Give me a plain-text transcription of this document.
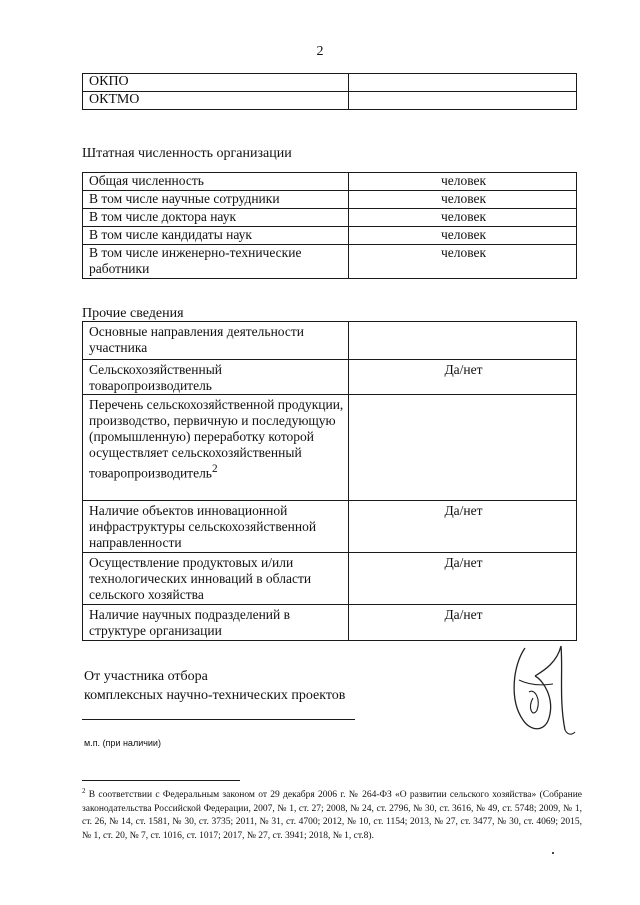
2
ОКПО	
ОКТМО	
Штатная численность организации
Общая численность	человек
В том числе научные сотрудники	человек
В том числе доктора наук	человек
В том числе кандидаты наук	человек
В том числе инженерно-технические работники	человек
Прочие сведения
Основные направления деятельности участника	
Сельскохозяйственный товаропроизводитель	Да/нет
Перечень сельскохозяйственной продукции, производство, первичную и последующую (промышленную) переработку которой осуществляет сельскохозяйственный товаропроизводитель$^2$	
Наличие объектов инновационной инфраструктуры сельскохозяйственной направленности	Да/нет
Осуществление продуктовых и/или технологических инноваций в области сельского хозяйства	Да/нет
Наличие научных подразделений в структуре организации	Да/нет
От участника отбора
комплексных научно-технических проектов
м.п. (при наличии)
$^2$ В соответствии с Федеральным законом от 29 декабря 2006 г. № 264-ФЗ «О развитии сельского хозяйства» (Собрание законодательства Российской Федерации, 2007, № 1, ст. 27; 2008, № 24, ст. 2796, № 30, ст. 3616, № 49, ст. 5748; 2009, № 1, ст. 26, № 14, ст. 1581, № 30, ст. 3735; 2011, № 31, ст. 4700; 2012, № 10, ст. 1154; 2013, № 27, ст. 3477, № 30, ст. 4069; 2015, № 1, ст. 20, № 7, ст. 1016, ст. 1017; 2017, № 27, ст. 3941; 2018, № 1, ст.8).
